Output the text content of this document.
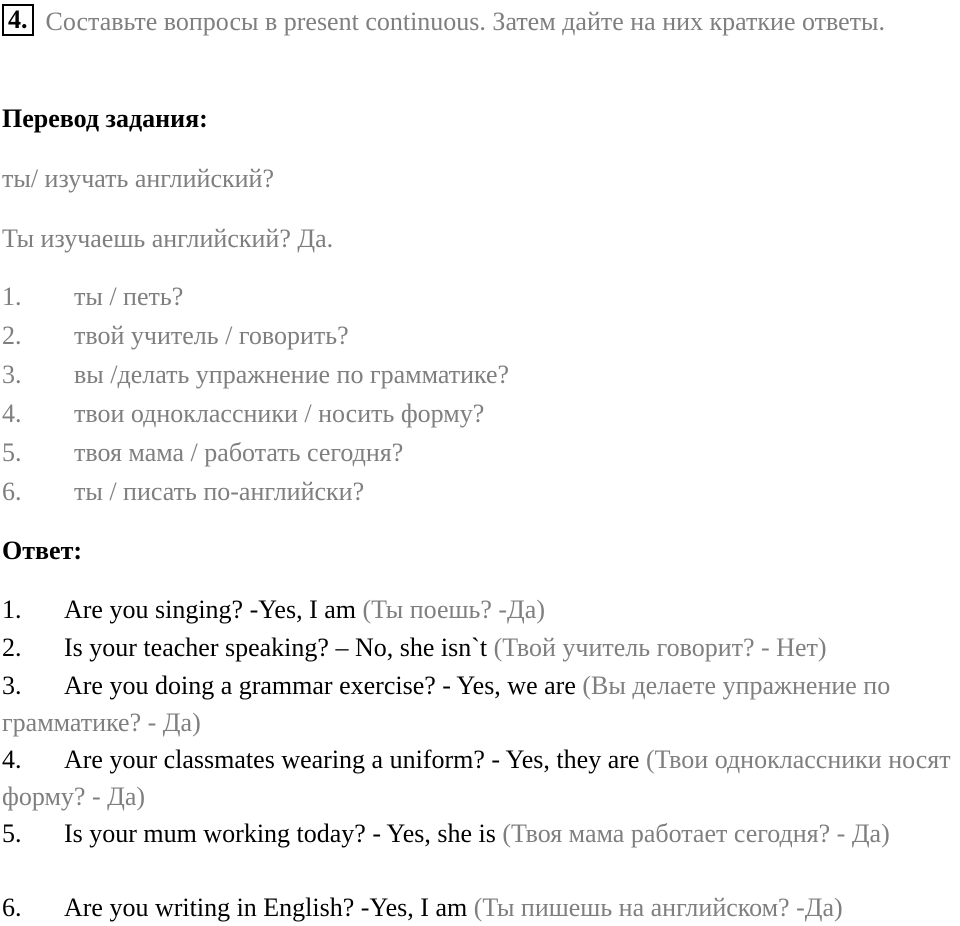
4. Составьте вопросы в present continuous. Затем дайте на них краткие ответы.
Перевод задания:
ты/ изучать английский?
Ты изучаешь английский? Да.
1. ты / петь?
2. твой учитель / говорить?
3. вы /делать упражнение по грамматике?
4. твои одноклассники / носить форму?
5. твоя мама / работать сегодня?
6. ты / писать по-английски?
Ответ:
1. Are you singing? -Yes, I am (Ты поешь? -Да)
2. Is your teacher speaking? – No, she isn`t (Твой учитель говорит? - Нет)
3. Are you doing a grammar exercise? - Yes, we are (Вы делаете упражнение по грамматике? - Да)
4. Are your classmates wearing a uniform? - Yes, they are (Твои одноклассники носят форму? - Да)
5. Is your mum working today? - Yes, she is (Твоя мама работает сегодня? - Да)
6. Are you writing in English? -Yes, I am (Ты пишешь на английском? -Да)
